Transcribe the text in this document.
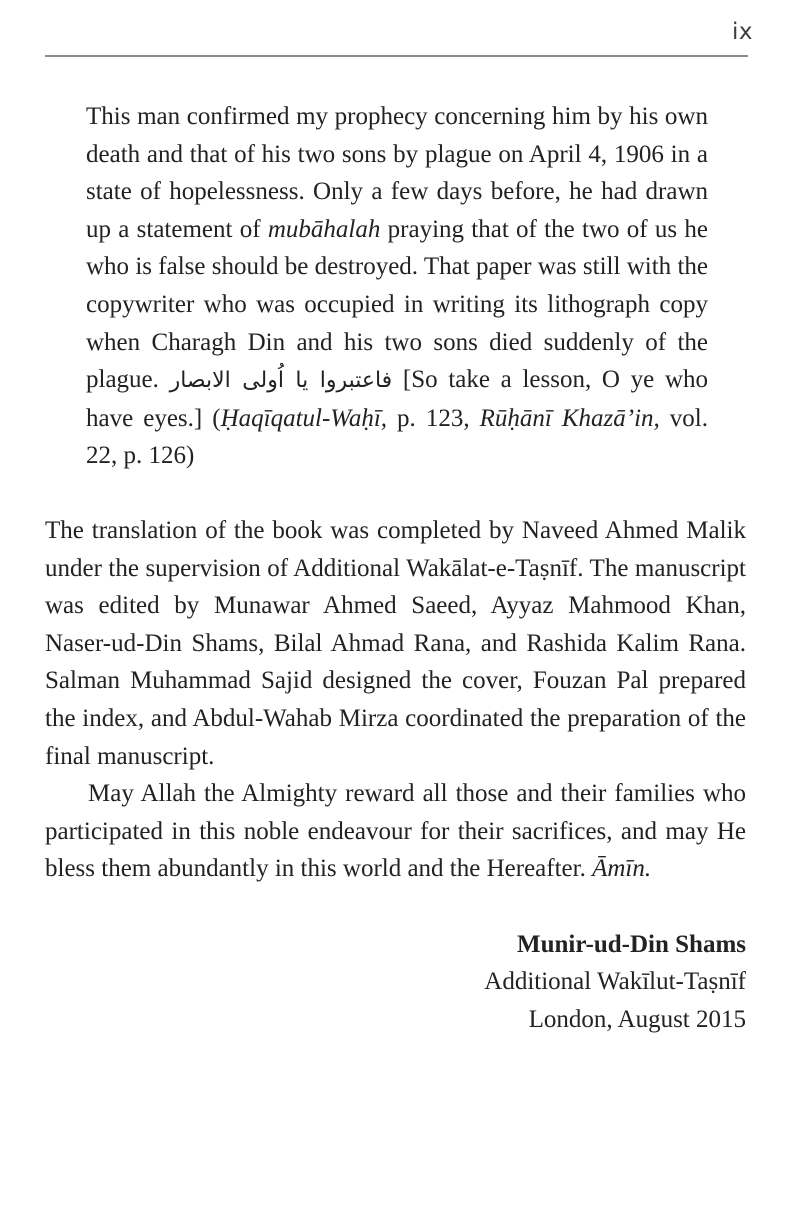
ix
This man confirmed my prophecy concerning him by his own death and that of his two sons by plague on April 4, 1906 in a state of hopelessness. Only a few days before, he had drawn up a statement of mubāhalah praying that of the two of us he who is false should be destroyed. That paper was still with the copywriter who was occupied in writing its lithograph copy when Charagh Din and his two sons died suddenly of the plague. فاعتبروا يا اُولى الابصار [So take a lesson, O ye who have eyes.] (Ḥaqīqatul-Waḥī, p. 123, Rūḥānī Khazā’in, vol. 22, p. 126)

The translation of the book was completed by Naveed Ahmed Malik under the supervision of Additional Wakālat-e-Taṣnīf. The manuscript was edited by Munawar Ahmed Saeed, Ayyaz Mahmood Khan, Naser-ud-Din Shams, Bilal Ahmad Rana, and Rashida Kalim Rana. Salman Muhammad Sajid designed the cover, Fouzan Pal prepared the index, and Abdul-Wahab Mirza coordinated the preparation of the final manuscript.

May Allah the Almighty reward all those and their families who participated in this noble endeavour for their sacrifices, and may He bless them abundantly in this world and the Hereafter. Āmīn.

Munir-ud-Din Shams
Additional Wakīlut-Taṣnīf
London, August 2015
